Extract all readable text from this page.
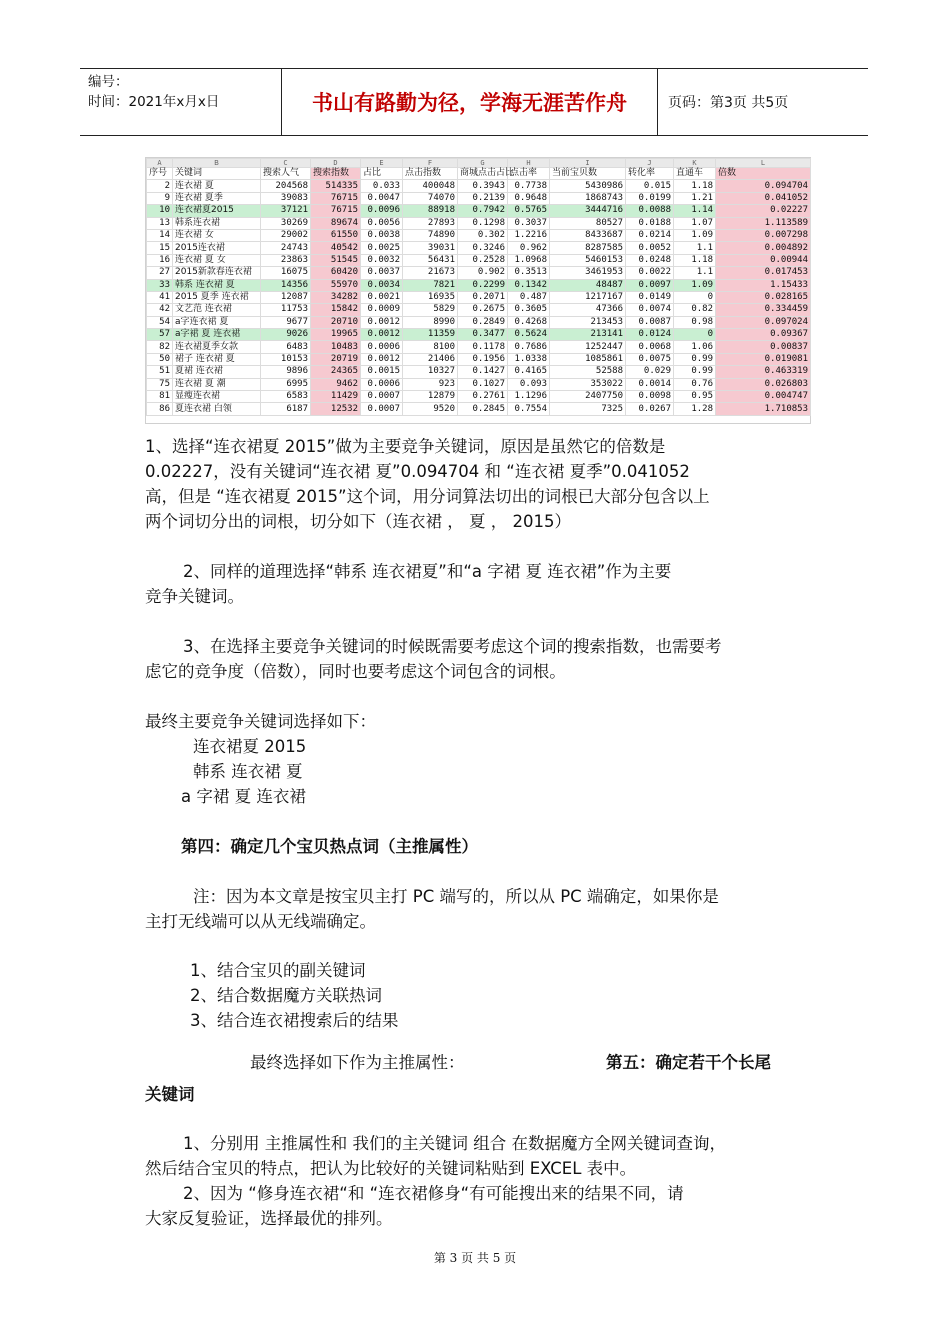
编号：
时间：2021年x月x日	书山有路勤为径，学海无涯苦作舟	页码：第3页 共5页
A	B	C	D	E	F	G	H	I	J	K	L
序号	关键词	搜索人气	搜索指数	占比	点击指数	商城点击占比	点击率	当前宝贝数	转化率	直通车	倍数
2	连衣裙 夏	204568	514335	0.033	400048	0.3943	0.7738	5430986	0.015	1.18	0.094704
9	连衣裙 夏季	39083	76715	0.0047	74070	0.2139	0.9648	1868743	0.0199	1.21	0.041052
10	连衣裙夏2015	37121	76715	0.0096	88918	0.7942	0.5765	3444716	0.0088	1.14	0.02227
13	韩系连衣裙	30269	89674	0.0056	27893	0.1298	0.3037	80527	0.0188	1.07	1.113589
14	连衣裙 女	29002	61550	0.0038	74890	0.302	1.2216	8433687	0.0214	1.09	0.007298
15	2015连衣裙	24743	40542	0.0025	39031	0.3246	0.962	8287585	0.0052	1.1	0.004892
16	连衣裙 夏 女	23863	51545	0.0032	56431	0.2528	1.0968	5460153	0.0248	1.18	0.00944
27	2015新款春连衣裙	16075	60420	0.0037	21673	0.902	0.3513	3461953	0.0022	1.1	0.017453
33	韩系 连衣裙 夏	14356	55970	0.0034	7821	0.2299	0.1342	48487	0.0097	1.09	1.15433
41	2015 夏季 连衣裙	12087	34282	0.0021	16935	0.2071	0.487	1217167	0.0149	0	0.028165
42	文艺范 连衣裙	11753	15842	0.0009	5829	0.2675	0.3605	47366	0.0074	0.82	0.334459
54	a字连衣裙 夏	9677	20710	0.0012	8990	0.2849	0.4268	213453	0.0087	0.98	0.097024
57	a字裙 夏 连衣裙	9026	19965	0.0012	11359	0.3477	0.5624	213141	0.0124	0	0.09367
82	连衣裙夏季女款	6483	10483	0.0006	8100	0.1178	0.7686	1252447	0.0068	1.06	0.00837
50	裙子 连衣裙 夏	10153	20719	0.0012	21406	0.1956	1.0338	1085861	0.0075	0.99	0.019081
51	夏裙 连衣裙	9896	24365	0.0015	10327	0.1427	0.4165	52588	0.029	0.99	0.463319
75	连衣裙 夏 潮	6995	9462	0.0006	923	0.1027	0.093	353022	0.0014	0.76	0.026803
81	显瘦连衣裙	6583	11429	0.0007	12879	0.2761	1.1296	2407750	0.0098	0.95	0.004747
86	夏连衣裙 白领	6187	12532	0.0007	9520	0.2845	0.7554	7325	0.0267	1.28	1.710853

1、选择“连衣裙夏 2015”做为主要竞争关键词，原因是虽然它的倍数是

0.02227，没有关键词“连衣裙 夏”0.094704 和 “连衣裙 夏季”0.041052

高，但是 “连衣裙夏 2015”这个词，用分词算法切出的词根已大部分包含以上

两个词切分出的词根，切分如下（连衣裙 ， 夏 ， 2015）

2、同样的道理选择“韩系 连衣裙夏”和“a 字裙 夏 连衣裙”作为主要

竞争关键词。

3、在选择主要竞争关键词的时候既需要考虑这个词的搜索指数，也需要考

虑它的竞争度（倍数），同时也要考虑这个词包含的词根。

最终主要竞争关键词选择如下：

连衣裙夏 2015

韩系 连衣裙 夏

a 字裙 夏 连衣裙

第四：确定几个宝贝热点词（主推属性）

注：因为本文章是按宝贝主打 PC 端写的，所以从 PC 端确定，如果你是

主打无线端可以从无线端确定。

1、结合宝贝的副关键词

2、结合数据魔方关联热词

3、结合连衣裙搜索后的结果

最终选择如下作为主推属性：	第五：确定若干个长尾

关键词

1、分别用 主推属性和 我们的主关键词 组合 在数据魔方全网关键词查询，

然后结合宝贝的特点，把认为比较好的关键词粘贴到 EXCEL 表中。

2、因为 “修身连衣裙“和 “连衣裙修身“有可能搜出来的结果不同，请

大家反复验证，选择最优的排列。

第 3 页 共 5 页
